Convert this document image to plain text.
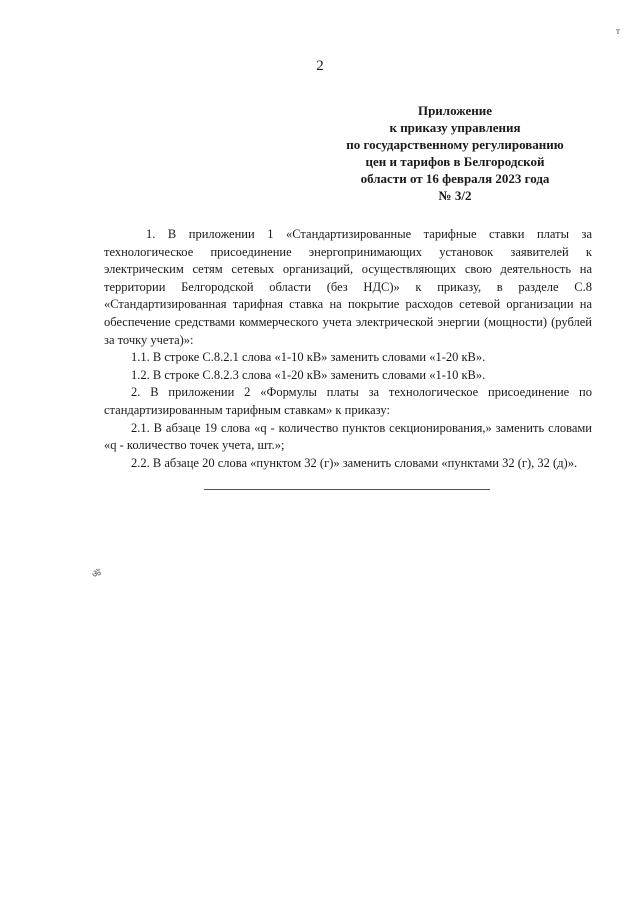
т
2
Приложение
к приказу управления
по государственному регулированию
цен и тарифов в Белгородской
области от 16 февраля 2023 года
№ 3/2

1. В приложении 1 «Стандартизированные тарифные ставки платы за технологическое присоединение энергопринимающих установок заявителей к электрическим сетям сетевых организаций, осуществляющих свою деятельность на территории Белгородской области (без НДС)» к приказу, в разделе С.8 «Стандартизированная тарифная ставка на покрытие расходов сетевой организации на обеспечение средствами коммерческого учета электрической энергии (мощности) (рублей за точку учета)»:

1.1. В строке С.8.2.1 слова «1-10 кВ» заменить словами «1-20 кВ».

1.2. В строке С.8.2.3 слова «1-20 кВ» заменить словами «1-10 кВ».

2. В приложении 2 «Формулы платы за технологическое присоединение по стандартизированным тарифным ставкам» к приказу:

2.1. В абзаце 19 слова «q - количество пунктов секционирования,» заменить словами «q - количество точек учета, шт.»;

2.2. В абзаце 20 слова «пунктом 32 (г)» заменить словами «пунктами 32 (г), 32 (д)».

ॐ
